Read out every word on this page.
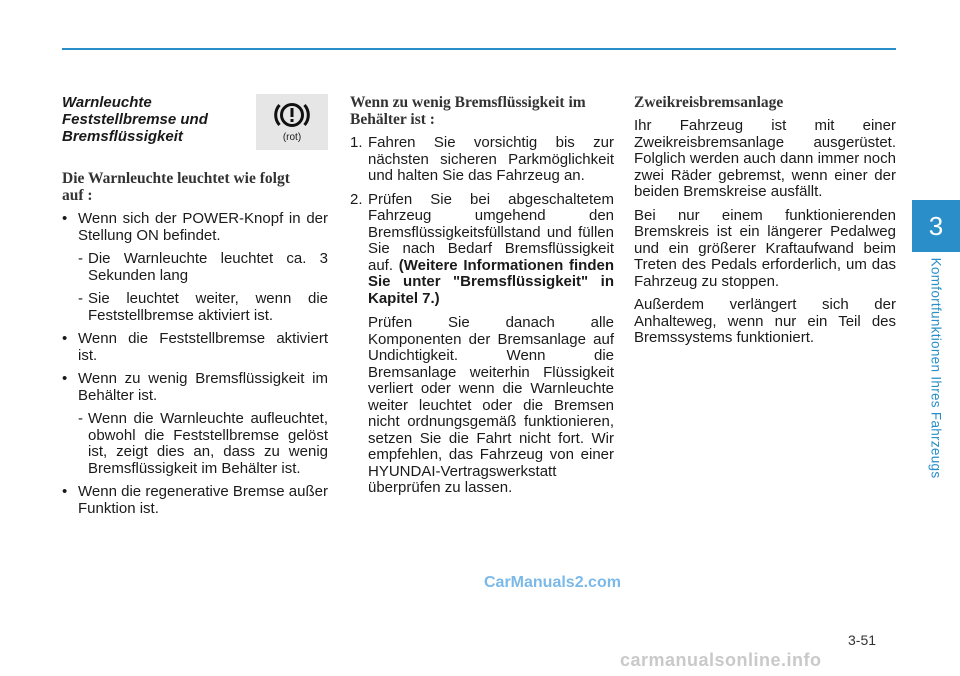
Warnleuchte
Feststellbremse und
Bremsflüssigkeit
Die Warnleuchte leuchtet wie folgt
auf :
• Wenn sich der POWER-Knopf in der Stellung ON befindet.
- Die Warnleuchte leuchtet ca. 3 Sekunden lang
- Sie leuchtet weiter, wenn die Feststellbremse aktiviert ist.
• Wenn die Feststellbremse aktiviert ist.
• Wenn zu wenig Bremsflüssigkeit im Behälter ist.
- Wenn die Warnleuchte aufleuchtet, obwohl die Feststellbremse gelöst ist, zeigt dies an, dass zu wenig Bremsflüssigkeit im Behälter ist.
• Wenn die regenerative Bremse außer Funktion ist.
(rot)
Wenn zu wenig Bremsflüssigkeit im
Behälter ist :
1. Fahren Sie vorsichtig bis zur nächsten sicheren Parkmöglichkeit und halten Sie das Fahrzeug an.
2. Prüfen Sie bei abgeschaltetem Fahrzeug umgehend den Bremsflüssigkeitsfüllstand und füllen Sie nach Bedarf Bremsflüssigkeit auf. (Weitere Informationen finden Sie unter "Bremsflüssigkeit" in Kapitel 7.)
Prüfen Sie danach alle Komponenten der Bremsanlage auf Undichtigkeit. Wenn die Bremsanlage weiterhin Flüssigkeit verliert oder wenn die Warnleuchte weiter leuchtet oder die Bremsen nicht ordnungsgemäß funktionieren, setzen Sie die Fahrt nicht fort. Wir empfehlen, das Fahrzeug von einer HYUNDAI-Vertragswerkstatt überprüfen zu lassen.
Zweikreisbremsanlage

Ihr Fahrzeug ist mit einer Zweikreisbremsanlage ausgerüstet. Folglich werden auch dann immer noch zwei Räder gebremst, wenn einer der beiden Bremskreise ausfällt.

Bei nur einem funktionierenden Bremskreis ist ein längerer Pedalweg und ein größerer Kraftaufwand beim Treten des Pedals erforderlich, um das Fahrzeug zu stoppen.

Außerdem verlängert sich der Anhalteweg, wenn nur ein Teil des Bremssystems funktioniert.

3
Komfortfunktionen Ihres Fahrzeugs
3-51
CarManuals2.com
carmanualsonline.info
